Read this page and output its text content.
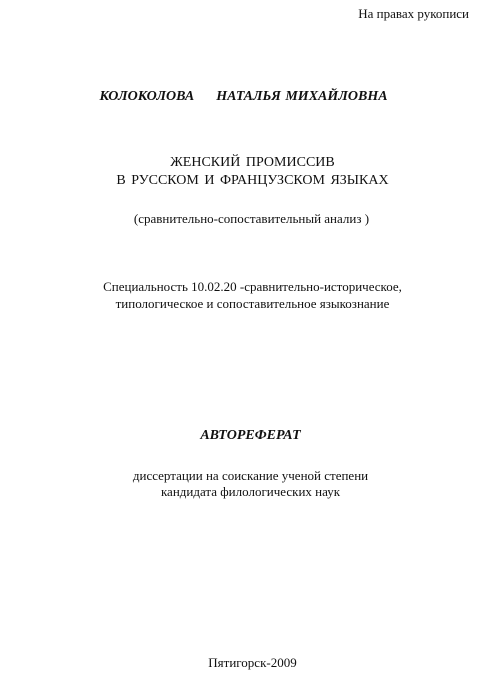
На правах рукописи
КОЛОКОЛОВА НАТАЛЬЯ МИХАЙЛОВНА
ЖЕНСКИЙ ПРОМИССИВ
В РУССКОМ И ФРАНЦУЗСКОМ ЯЗЫКАХ
(сравнительно-сопоставительный анализ )
Специальность 10.02.20 -сравнительно-историческое,
типологическое и сопоставительное языкознание
АВТОРЕФЕРАТ
диссертации на соискание ученой степени
кандидата филологических наук
Пятигорск-2009
